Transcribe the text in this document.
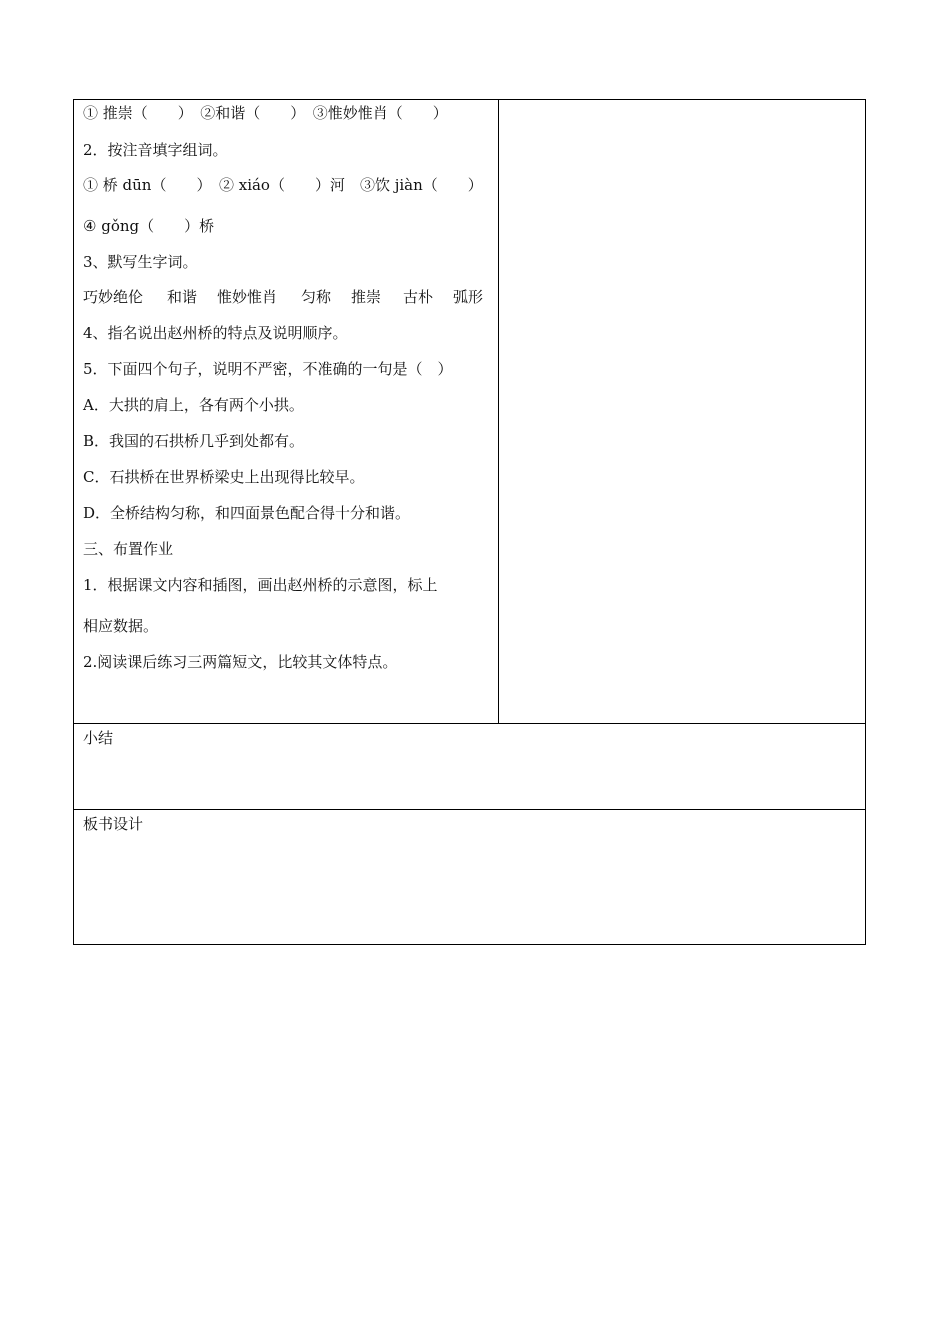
① 推崇（　　）　②和谐（　　）　③惟妙惟肖（　　）

2．按注音填字组词。

① 桥 dūn（　　）　② xiáo（　　）河　③饮 jiàn（　　）

④ gǒng（　　）桥

3、默写生字词。

巧妙绝伦	和谐	惟妙惟肖	匀称	推崇	古朴	弧形

4、指名说出赵州桥的特点及说明顺序。

5．下面四个句子，说明不严密，不准确的一句是（　）

A．大拱的肩上，各有两个小拱。

B．我国的石拱桥几乎到处都有。

C．石拱桥在世界桥梁史上出现得比较早。

D．全桥结构匀称，和四面景色配合得十分和谐。

三、布置作业

1．根据课文内容和插图，画出赵州桥的示意图，标上

相应数据。

2.阅读课后练习三两篇短文，比较其文体特点。

小结
板书设计
